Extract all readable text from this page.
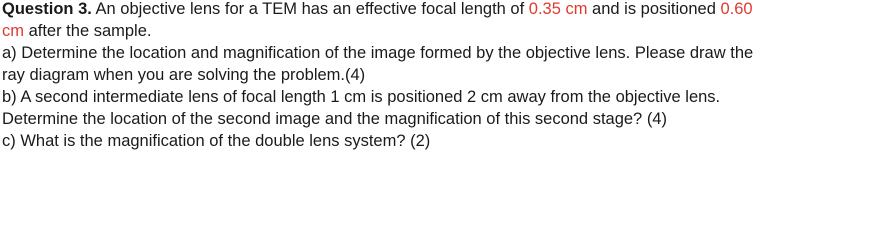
Question 3. An objective lens for a TEM has an effective focal length of 0.35 cm and is positioned 0.60
cm after the sample.
a) Determine the location and magnification of the image formed by the objective lens. Please draw the
ray diagram when you are solving the problem.(4)
b) A second intermediate lens of focal length 1 cm is positioned 2 cm away from the objective lens.
Determine the location of the second image and the magnification of this second stage? (4)
c) What is the magnification of the double lens system? (2)
